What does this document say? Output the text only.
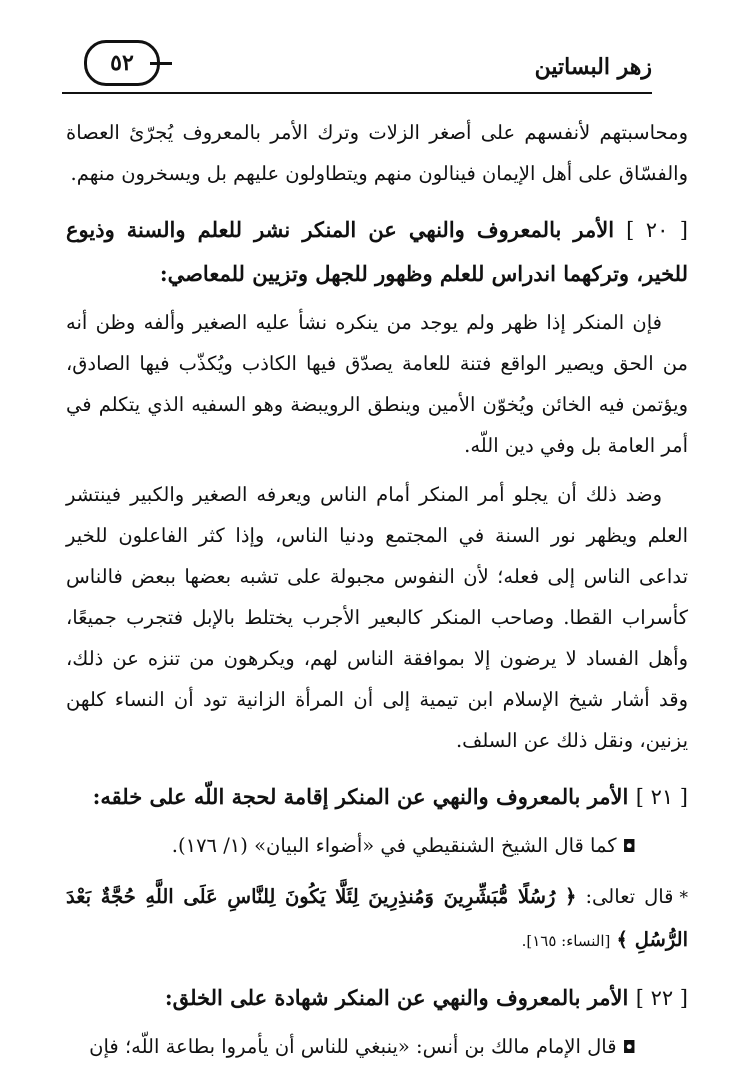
٥٢	زهر البساتين

ومحاسبتهم لأنفسهم على أصغر الزلات وترك الأمر بالمعروف يُجرّئ العصاة والفسّاق على أهل الإيمان فينالون منهم ويتطاولون عليهم بل ويسخرون منهم.

[ ٢٠ ] الأمر بالمعروف والنهي عن المنكر نشر للعلم والسنة وذيوع للخير، وتركهما اندراس للعلم وظهور للجهل وتزيين للمعاصي:

فإن المنكر إذا ظهر ولم يوجد من ينكره نشأ عليه الصغير وألفه وظن أنه من الحق ويصير الواقع فتنة للعامة يصدّق فيها الكاذب ويُكذّب فيها الصادق، ويؤتمن فيه الخائن ويُخوّن الأمين وينطق الرويبضة وهو السفيه الذي يتكلم في أمر العامة بل وفي دين اللّه.

وضد ذلك أن يجلو أمر المنكر أمام الناس ويعرفه الصغير والكبير فينتشر العلم ويظهر نور السنة في المجتمع ودنيا الناس، وإذا كثر الفاعلون للخير تداعى الناس إلى فعله؛ لأن النفوس مجبولة على تشبه بعضها ببعض فالناس كأسراب القطا. وصاحب المنكر كالبعير الأجرب يختلط بالإبل فتجرب جميعًا، وأهل الفساد لا يرضون إلا بموافقة الناس لهم، ويكرهون من تنزه عن ذلك، وقد أشار شيخ الإسلام ابن تيمية إلى أن المرأة الزانية تود أن النساء كلهن يزنين، ونقل ذلك عن السلف.

[ ٢١ ] الأمر بالمعروف والنهي عن المنكر إقامة لحجة اللّه على خلقه:

◘كما قال الشيخ الشنقيطي في «أضواء البيان» (١/ ١٧٦).

*قال تعالى: ﴿ رُسُلًا مُّبَشِّرِينَ وَمُنذِرِينَ لِئَلَّا يَكُونَ لِلنَّاسِ عَلَى اللَّهِ حُجَّةٌ بَعْدَ الرُّسُلِ ﴾ [النساء: ١٦٥].

[ ٢٢ ] الأمر بالمعروف والنهي عن المنكر شهادة على الخلق:

◘قال الإمام مالك بن أنس: «ينبغي للناس أن يأمروا بطاعة اللّه؛ فإن
